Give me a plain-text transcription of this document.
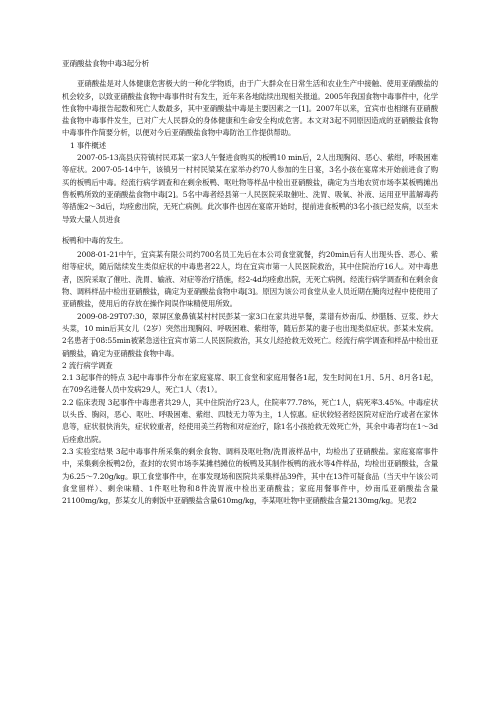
亚硝酸盐食物中毒3起分析

亚硝酸盐是对人体健康危害极大的一种化学物质，由于广大群众在日常生活和农业生产中接触、使用亚硝酸盐的机会较多，以致亚硝酸盐食物中毒事件时有发生，近年来各地陆续出现相关报道。2005年我国食物中毒事件中，化学性食物中毒报告起数和死亡人数最多，其中亚硝酸盐中毒是主要因素之一[1]。2007年以来，宜宾市也相继有亚硝酸盐食物中毒事件发生，已对广大人民群众的身体健康和生命安全构成危害。本文对3起不同原因造成的亚硝酸盐食物中毒事件作简要分析，以便对今后亚硝酸盐食物中毒防治工作提供帮助。

1 事件概述

2007-05-13高县庆符镇村民邓某一家3人午餐进食购买的板鸭10 min后，2人出现胸闷、恶心、紫绀，呼吸困难等症状。2007-05-14中午，该镇另一村村民梁某在家举办约70人参加的生日宴，3名小孩在宴席未开始前进食了购买的板鸭后中毒。经流行病学调查和在剩余板鸭、呕吐物等样品中检出亚硝酸盐，确定为当地农贸市场李某板鸭摊出售板鸭所致的亚硝酸盐食物中毒[2]。5名中毒者经县第一人民医院采取催吐、洗胃、吸氧、补液、运用亚甲蓝解毒药等措施2～3d后，均痊愈出院，无死亡病例。此次事件也因在宴席开始时，提前进食板鸭的3名小孩已经发病，以至未导致大量人员进食

板鸭和中毒的发生。

2008-01-21中午，宜宾某有限公司约700名员工先后在本公司食堂就餐，约20min后有人出现头昏、恶心、紫绀等症状，随后陆续发生类似症状的中毒患者22人，均在宜宾市第一人民医院救治，其中住院治疗16人。对中毒患者，医院采取了催吐、洗胃、输液、对症等治疗措施，经2-4d均痊愈出院，无死亡病例。经流行病学调查和在剩余食物、调料样品中检出亚硝酸盐，确定为亚硝酸盐食物中毒[3]。原因为该公司食堂从业人员近期在腌肉过程中使使用了亚硝酸盐，使用后的存放在操作间误作味精使用所致。

2009-08-29T07:30，翠屏区象鼻镇某村村民彭某一家3口在家共进早餐，菜谱有炒南瓜、炒腊肠、豆浆、炒大头菜，10 min后其女儿（2岁）突然出现胸闷、呼吸困难、紫绀等，随后彭某的妻子也出现类似症状。彭某未发病。2名患者于08:55min被紧急送往宜宾市第二人民医院救治，其女儿经抢救无效死亡。经流行病学调查和样品中检出亚硝酸盐，确定为亚硝酸盐食物中毒。

2 流行病学调查

2.1 3起事件的特点 3起中毒事件分布在家庭宴席、职工食堂和家庭用餐各1起，发生时间在1月、5月、8月各1起，在709名进餐人员中发病29人，死亡1人（表1）。

2.2 临床表现 3起事件中毒患者共29人，其中住院治疗23人，住院率77.78%，死亡1人，病死率3.45%。中毒症状以头昏、胸闷，恶心、呕吐、呼吸困难、紫绀、四肢无力等为主，1人惊惠。症状较轻者经医院对症治疗或者在家休息等，症状很快消失，症状较重者，经使用美兰药物和对症治疗，除1名小孩抢救无效死亡外，其余中毒者均在1～3d后痊愈出院。

2.3 实验室结果 3起中毒事件所采集的剩余食物、调料及呕吐物/洗胃液样品中，均检出了亚硝酸盐。家庭宴席事件中，采集剩余板鸭2份，查封的农贸市场李某摊档摊位的板鸭及其制作板鸭的液水等4件样品，均检出亚硝酸盐，含量为6.25～7.20g/kg。职工食堂事件中，在事发现场和医院共采集样品39件，其中在13件可疑食品（当天中午该公司食堂留样）、剩余味精、1件呕吐物和8件洗胃液中检出亚硝酸盐；家庭用餐事件中，炒南瓜亚硝酸盐含量21100mg/kg，彭某女儿的剩饭中亚硝酸盐含量610mg/kg，李某呕吐物中亚硝酸盐含量2130mg/kg。见表2
